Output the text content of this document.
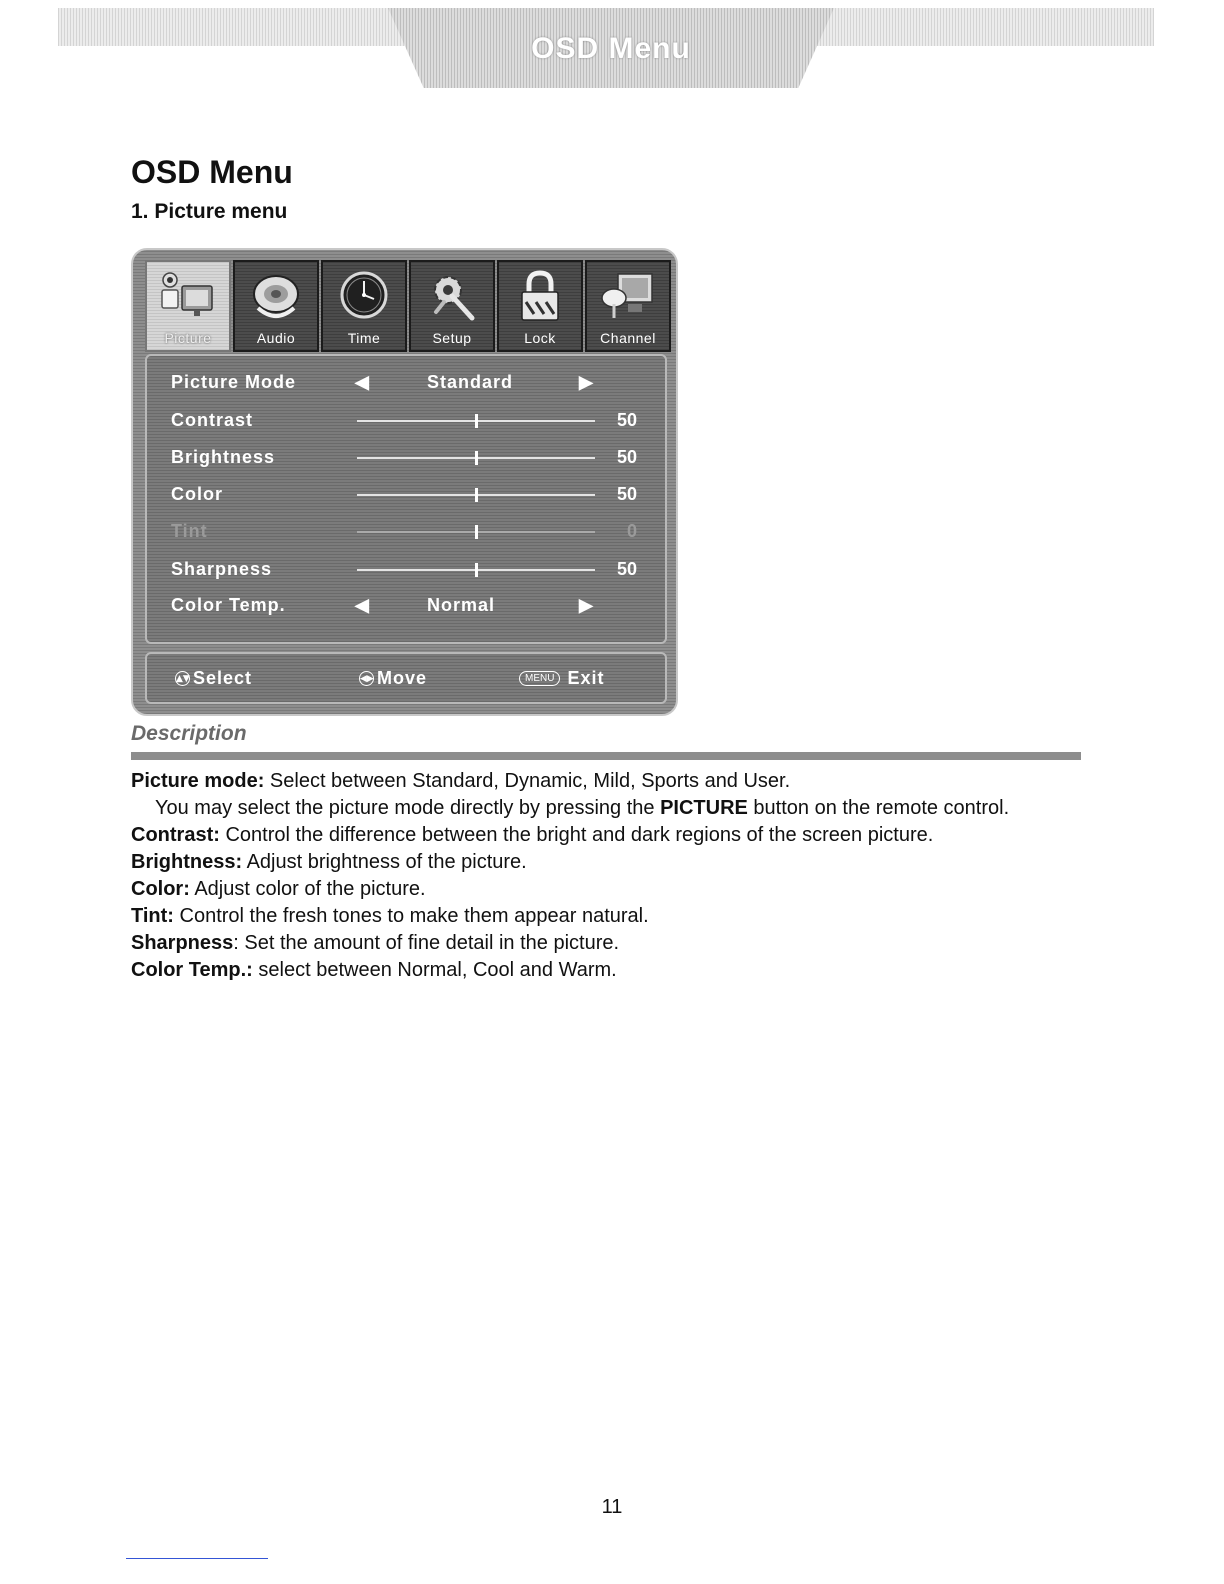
OSD Menu
OSD Menu
1. Picture menu
Picture	Audio	Time	Setup	Lock	Channel
Picture Mode	◀	Standard	▶
Contrast	50
Brightness	50
Color	50
Tint	0
Sharpness	50
Color Temp.	◀	Normal	▶
▲▼ Select	◀▶ Move	MENU Exit
Description

Picture mode: Select between Standard, Dynamic, Mild, Sports and User.

You may select the picture mode directly by pressing the PICTURE button on the remote control.

Contrast: Control the difference between the bright and dark regions of the screen picture.

Brightness: Adjust brightness of the picture.

Color: Adjust color of the picture.

Tint: Control the fresh tones to make them appear natural.

Sharpness: Set the amount of fine detail in the picture.

Color Temp.: select between Normal, Cool and Warm.

11
